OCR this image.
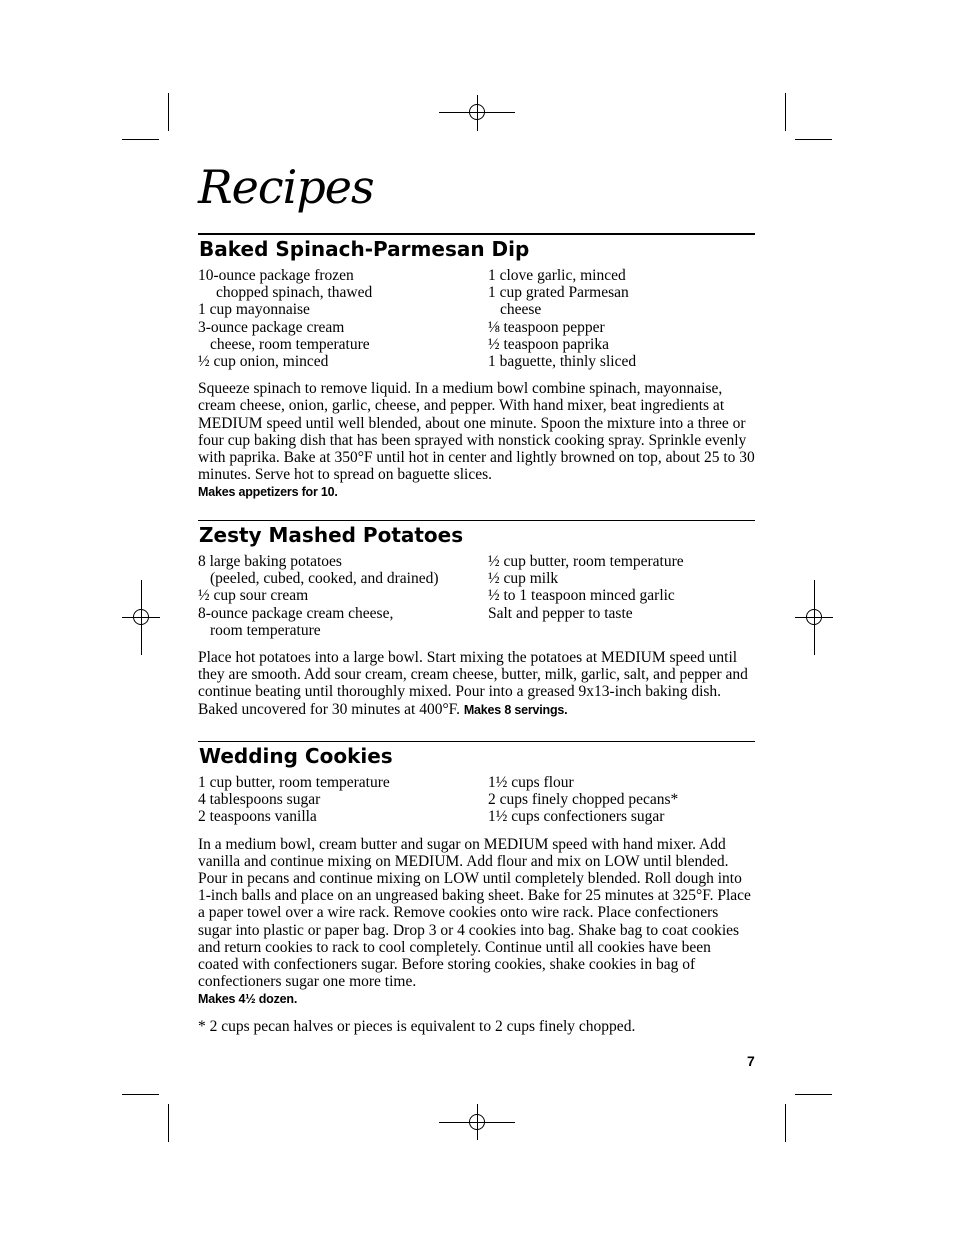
Recipes
Baked Spinach-Parmesan Dip
10-ounce package frozen
chopped spinach, thawed
1 cup mayonnaise
3-ounce package cream
cheese, room temperature
½ cup onion, minced
1 clove garlic, minced
1 cup grated Parmesan
cheese
⅛ teaspoon pepper
½ teaspoon paprika
1 baguette, thinly sliced

Squeeze spinach to remove liquid. In a medium bowl combine spinach, mayonnaise, cream cheese, onion, garlic, cheese, and pepper. With hand mixer, beat ingredients at MEDIUM speed until well blended, about one minute. Spoon the mixture into a three or four cup baking dish that has been sprayed with nonstick cooking spray. Sprinkle evenly with paprika. Bake at 350°F until hot in center and lightly browned on top, about 25 to 30 minutes. Serve hot to spread on baguette slices.
Makes appetizers for 10.

Zesty Mashed Potatoes
8 large baking potatoes
(peeled, cubed, cooked, and drained)
½ cup sour cream
8-ounce package cream cheese,
room temperature
½ cup butter, room temperature
½ cup milk
½ to 1 teaspoon minced garlic
Salt and pepper to taste

Place hot potatoes into a large bowl. Start mixing the potatoes at MEDIUM speed until they are smooth. Add sour cream, cream cheese, butter, milk, garlic, salt, and pepper and continue beating until thoroughly mixed. Pour into a greased 9x13-inch baking dish. Baked uncovered for 30 minutes at 400°F. Makes 8 servings.

Wedding Cookies
1 cup butter, room temperature
4 tablespoons sugar
2 teaspoons vanilla
1½ cups flour
2 cups finely chopped pecans*
1½ cups confectioners sugar

In a medium bowl, cream butter and sugar on MEDIUM speed with hand mixer. Add vanilla and continue mixing on MEDIUM. Add flour and mix on LOW until blended. Pour in pecans and continue mixing on LOW until completely blended. Roll dough into 1-inch balls and place on an ungreased baking sheet. Bake for 25 minutes at 325°F. Place a paper towel over a wire rack. Remove cookies onto wire rack. Place confectioners sugar into plastic or paper bag. Drop 3 or 4 cookies into bag. Shake bag to coat cookies and return cookies to rack to cool completely. Continue until all cookies have been coated with confectioners sugar. Before storing cookies, shake cookies in bag of confectioners sugar one more time.
Makes 4½ dozen.

* 2 cups pecan halves or pieces is equivalent to 2 cups finely chopped.
7
